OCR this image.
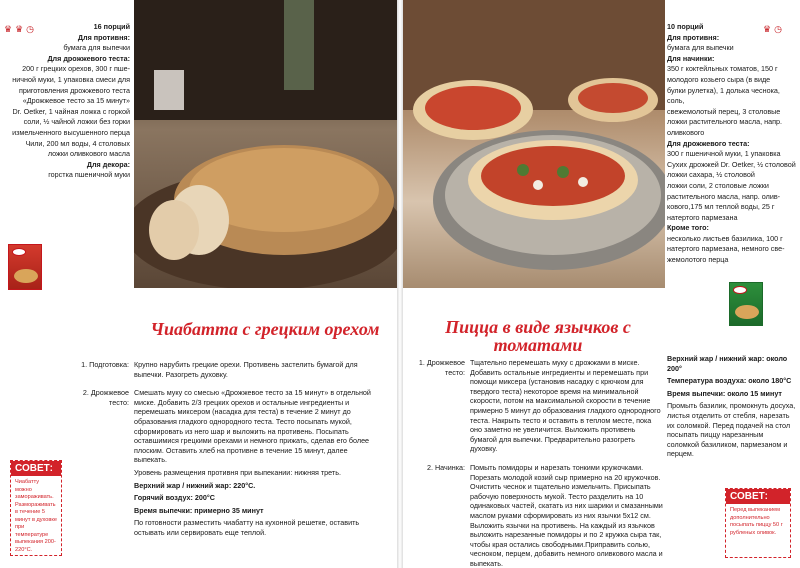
♛ ♛ ◷	16 порций
Для противня:
бумага для выпечки
Для дрожжевого теста:
200 г грецких орехов, 300 г пше-
ничной муки, 1 упаковка смеси для
приготовления дрожжевого теста
«Дрожжевое тесто за 15 минут»
Dr. Oetker, 1 чайная ложка с горкой
соли, ½ чайной ложки без горки
измельченного высушенного перца
Чили, 200 мл воды, 4 столовых
ложки оливкового масла
Для декора:
горстка пшеничной муки
Чиабатта с грецким орехом
1. Подготовка: Крупно нарубить грецкие орехи. Противень застелить бумагой для выпечки. Разогреть духовку.

2. Дрожжевое тесто:

Смешать муку со смесью «Дрожжевое тесто за 15 минут» в отдельной миске. Добавить 2/3 грецких орехов и остальные ингредиенты и перемешать миксером (насадка для теста) в течение 2 минут до образования гладкого однородного теста. Тесто посыпать мукой, сформировать из него шар и выложить на противень. Посыпать оставшимися грецкими орехами и немного прижать, сделав его более плоским. Оставить хлеб на противне в течение 15 минут, далее выпекать.

Уровень размещения противня при выпекании: нижняя треть.

Верхний жар / нижний жар: 220°C.

Горячий воздух: 200°C

Время выпечки: примерно 35 минут

По готовности разместить чиабатту на кухонной решетке, оставить остывать или сервировать еще теплой.

СОВЕТ:
Чиабатту можно замораживать. Размораживать в течение 5 минут в духовке при температуре выпекания 200-220°С.
♛ ◷
10 порций
Для противня:
бумага для выпечки
Для начинки:
350 г коктейльных томатов, 150 г
молодого козьего сыра (в виде
булки рулетка), 1 долька чеснока, соль,
свежемолотый перец, 3 столовые
ложки растительного масла, напр.
оливкового
Для дрожжевого теста:
300 г пшеничной муки, 1 упаковка
Сухих дрожжей Dr. Oetker, ½ столовой
ложки сахара, ½ столовой
ложки соли, 2 столовые ложки
растительного масла, напр. олив-
кового,175 мл теплой воды, 25 г
натертого пармезана
Кроме того:
несколько листьев базилика, 100 г
натертого пармезана, немного све-
жемолотого перца
Пицца в виде язычков с томатами
1. Дрожжевое тесто:

Тщательно перемешать муку с дрожжами в миске. Добавить остальные ингредиенты и перемешать при помощи миксера (установив насадку с крючком для твердого теста) некоторое время на минимальной скорости, потом на максимальной скорости в течение примерно 5 минут до образования гладкого однородного теста. Накрыть тесто и оставить в теплом месте, пока оно заметно не увеличится. Выложить противень бумагой для выпечки. Предварительно разогреть духовку.

2. Начинка: Помыть помидоры и нарезать тонкими кружочками. Порезать молодой козий сыр примерно на 20 кружочков. Очистить чеснок и тщательно измельчить. Присыпать рабочую поверхность мукой. Тесто разделить на 10 одинаковых частей, скатать из них шарики и смазанными маслом руками сформировать из них язычки 5x12 см. Выложить язычки на противень. На каждый из язычков выложить нарезанные помидоры и по 2 кружка сыра так, чтобы края остались свободными.Приправить солью, чесноком, перцем, добавить немного оливкового масла и выпекать.

Верхний жар / нижний жар: около 200°

Температура воздуха: около 180°C

Время выпечки: около 15 минут

Промыть базилик, промокнуть досуха, листья отделить от стебля, нарезать их соломкой. Перед подачей на стол посыпать пиццу нарезанным соломкой базиликом, пармезаном и перцем.

СОВЕТ:
Перед выпеканием дополнительно посыпать пиццу 50 г рубленых оливок.
